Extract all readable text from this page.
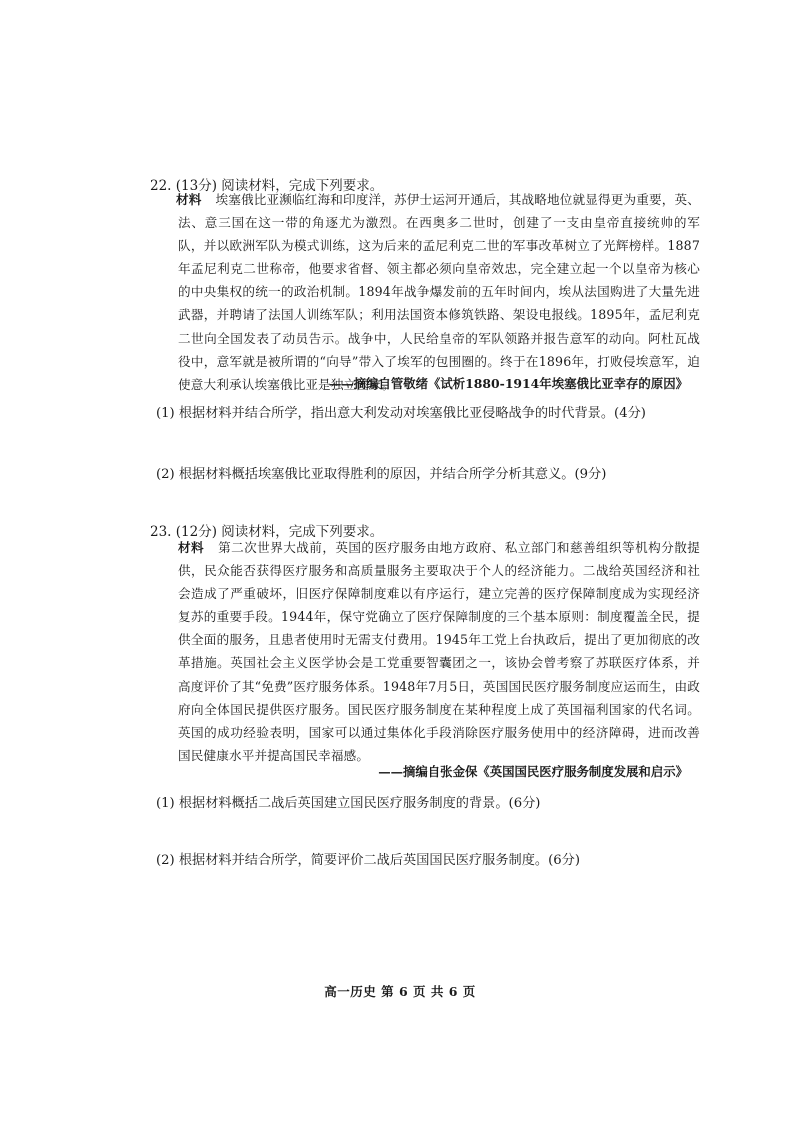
22. (13分) 阅读材料，完成下列要求。
材料 埃塞俄比亚濒临红海和印度洋，苏伊士运河开通后，其战略地位就显得更为重要，英、法、意三国在这一带的角逐尤为激烈。在西奥多二世时，创建了一支由皇帝直接统帅的军队，并以欧洲军队为模式训练，这为后来的孟尼利克二世的军事改革树立了光辉榜样。1887年孟尼利克二世称帝，他要求省督、领主都必须向皇帝效忠，完全建立起一个以皇帝为核心的中央集权的统一的政治机制。1894年战争爆发前的五年时间内，埃从法国购进了大量先进武器，并聘请了法国人训练军队；利用法国资本修筑铁路、架设电报线。1895年，孟尼利克二世向全国发表了动员告示。战争中，人民给皇帝的军队领路并报告意军的动向。阿杜瓦战役中，意军就是被所谓的“向导”带入了埃军的包围圈的。终于在1896年，打败侵埃意军，迫使意大利承认埃塞俄比亚是独立国家。
——摘编自管敬绪《试析1880-1914年埃塞俄比亚幸存的原因》
(1) 根据材料并结合所学，指出意大利发动对埃塞俄比亚侵略战争的时代背景。(4分)
(2) 根据材料概括埃塞俄比亚取得胜利的原因，并结合所学分析其意义。(9分)
23. (12分) 阅读材料，完成下列要求。
材料 第二次世界大战前，英国的医疗服务由地方政府、私立部门和慈善组织等机构分散提供，民众能否获得医疗服务和高质量服务主要取决于个人的经济能力。二战给英国经济和社会造成了严重破坏，旧医疗保障制度难以有序运行，建立完善的医疗保障制度成为实现经济复苏的重要手段。1944年，保守党确立了医疗保障制度的三个基本原则：制度覆盖全民，提供全面的服务，且患者使用时无需支付费用。1945年工党上台执政后，提出了更加彻底的改革措施。英国社会主义医学协会是工党重要智囊团之一，该协会曾考察了苏联医疗体系，并高度评价了其“免费”医疗服务体系。1948年7月5日，英国国民医疗服务制度应运而生，由政府向全体国民提供医疗服务。国民医疗服务制度在某种程度上成了英国福利国家的代名词。英国的成功经验表明，国家可以通过集体化手段消除医疗服务使用中的经济障碍，进而改善国民健康水平并提高国民幸福感。
——摘编自张金保《英国国民医疗服务制度发展和启示》
(1) 根据材料概括二战后英国建立国民医疗服务制度的背景。(6分)
(2) 根据材料并结合所学，简要评价二战后英国国民医疗服务制度。(6分)
高一历史 第 6 页 共 6 页
